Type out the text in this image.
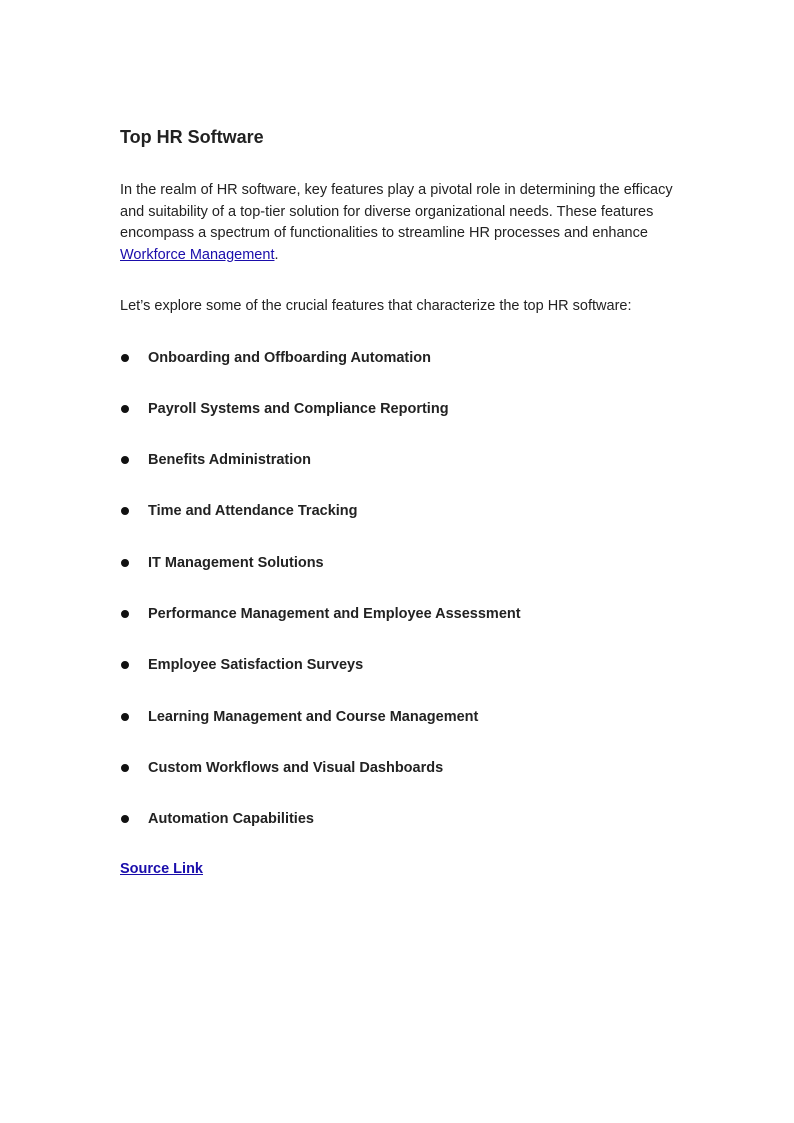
Top HR Software

In the realm of HR software, key features play a pivotal role in determining the efficacy and suitability of a top-tier solution for diverse organizational needs. These features encompass a spectrum of functionalities to streamline HR processes and enhance Workforce Management.

Let’s explore some of the crucial features that characterize the top HR software:

Onboarding and Offboarding Automation
Payroll Systems and Compliance Reporting
Benefits Administration
Time and Attendance Tracking
IT Management Solutions
Performance Management and Employee Assessment
Employee Satisfaction Surveys
Learning Management and Course Management
Custom Workflows and Visual Dashboards
Automation Capabilities

Source Link
